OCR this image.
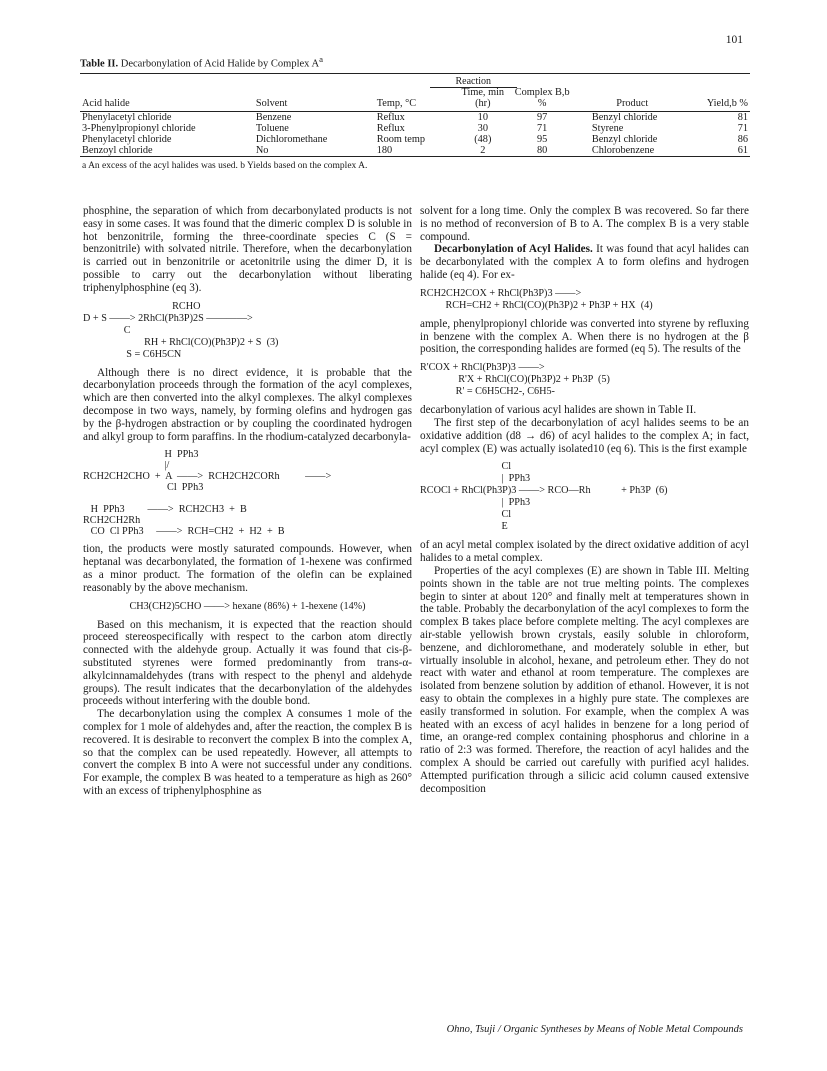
101
Table II. Decarbonylation of Acid Halide by Complex $A^a$

		Reaction				
Acid halide	Solvent	Temp, °C	Time, min (hr)	Complex B,b %	Product	Yield,b %
Phenylacetyl chloride	Benzene	Reflux	10	97	Benzyl chloride	81
3-Phenylpropionyl chloride	Toluene	Reflux	30	71	Styrene	71
Phenylacetyl chloride	Dichloromethane	Room temp	(48)	95	Benzyl chloride	86
Benzoyl chloride	No	180	2	80	Chlorobenzene	61

a An excess of the acyl halides was used. b Yields based on the complex A.

phosphine, the separation of which from decarbonylated products is not easy in some cases. It was found that the dimeric complex D is soluble in hot benzonitrile, forming the three-coordinate species C (S = benzonitrile) with solvated nitrile. Therefore, when the decarbonylation is carried out in benzonitrile or acetonitrile using the dimer D, it is possible to carry out the decarbonylation without liberating triphenylphosphine (eq 3).

RCHO
D + S ——> 2RhCl(Ph3P)2S ————>
C
RH + RhCl(CO)(Ph3P)2 + S  (3)
S = C6H5CN

Although there is no direct evidence, it is probable that the decarbonylation proceeds through the formation of the acyl complexes, which are then converted into the alkyl complexes. The alkyl complexes decompose in two ways, namely, by forming olefins and hydrogen gas by the β-hydrogen abstraction or by coupling the coordinated hydrogen and alkyl group to form paraffins. In the rhodium-catalyzed decarbonyla-

H  PPh3
|/
RCH2CH2CHO  +  A  ——>  RCH2CH2CORh          ——>
Cl  PPh3

H  PPh3         ——>  RCH2CH3  +  B
RCH2CH2Rh
CO  Cl PPh3     ——>  RCH=CH2  +  H2  +  B

tion, the products were mostly saturated compounds. However, when heptanal was decarbonylated, the formation of 1-hexene was confirmed as a minor product. The formation of the olefin can be explained reasonably by the above mechanism.

CH3(CH2)5CHO ——> hexane (86%) + 1-hexene (14%)

Based on this mechanism, it is expected that the reaction should proceed stereospecifically with respect to the carbon atom directly connected with the aldehyde group. Actually it was found that cis-β-substituted styrenes were formed predominantly from trans-α-alkylcinnamaldehydes (trans with respect to the phenyl and aldehyde groups). The result indicates that the decarbonylation of the aldehydes proceeds without interfering with the double bond.

The decarbonylation using the complex A consumes 1 mole of the complex for 1 mole of aldehydes and, after the reaction, the complex B is recovered. It is desirable to reconvert the complex B into the complex A, so that the complex can be used repeatedly. However, all attempts to convert the complex B into A were not successful under any conditions. For example, the complex B was heated to a temperature as high as 260° with an excess of triphenylphosphine as

solvent for a long time. Only the complex B was recovered. So far there is no method of reconversion of B to A. The complex B is a very stable compound.

Decarbonylation of Acyl Halides. It was found that acyl halides can be decarbonylated with the complex A to form olefins and hydrogen halide (eq 4). For ex-

RCH2CH2COX + RhCl(Ph3P)3 ——>
RCH=CH2 + RhCl(CO)(Ph3P)2 + Ph3P + HX  (4)

ample, phenylpropionyl chloride was converted into styrene by refluxing in benzene with the complex A. When there is no hydrogen at the β position, the corresponding halides are formed (eq 5). The results of the

R'COX + RhCl(Ph3P)3 ——>
R'X + RhCl(CO)(Ph3P)2 + Ph3P  (5)
R' = C6H5CH2-, C6H5-

decarbonylation of various acyl halides are shown in Table II.

The first step of the decarbonylation of acyl halides seems to be an oxidative addition (d8 → d6) of acyl halides to the complex A; in fact, acyl complex (E) was actually isolated10 (eq 6). This is the first example

Cl
|  PPh3
RCOCl + RhCl(Ph3P)3 ——> RCO—Rh            + Ph3P  (6)
|  PPh3
Cl
E

of an acyl metal complex isolated by the direct oxidative addition of acyl halides to a metal complex.

Properties of the acyl complexes (E) are shown in Table III. Melting points shown in the table are not true melting points. The complexes begin to sinter at about 120° and finally melt at temperatures shown in the table. Probably the decarbonylation of the acyl complexes to form the complex B takes place before complete melting. The acyl complexes are air-stable yellowish brown crystals, easily soluble in chloroform, benzene, and dichloromethane, and moderately soluble in ether, but virtually insoluble in alcohol, hexane, and petroleum ether. They do not react with water and ethanol at room temperature. The complexes are isolated from benzene solution by addition of ethanol. However, it is not easy to obtain the complexes in a highly pure state. The complexes are easily transformed in solution. For example, when the complex A was heated with an excess of acyl halides in benzene for a long period of time, an orange-red complex containing phosphorus and chlorine in a ratio of 2:3 was formed. Therefore, the reaction of acyl halides and the complex A should be carried out carefully with purified acyl halides. Attempted purification through a silicic acid column caused extensive decomposition

Ohno, Tsuji / Organic Syntheses by Means of Noble Metal Compounds
